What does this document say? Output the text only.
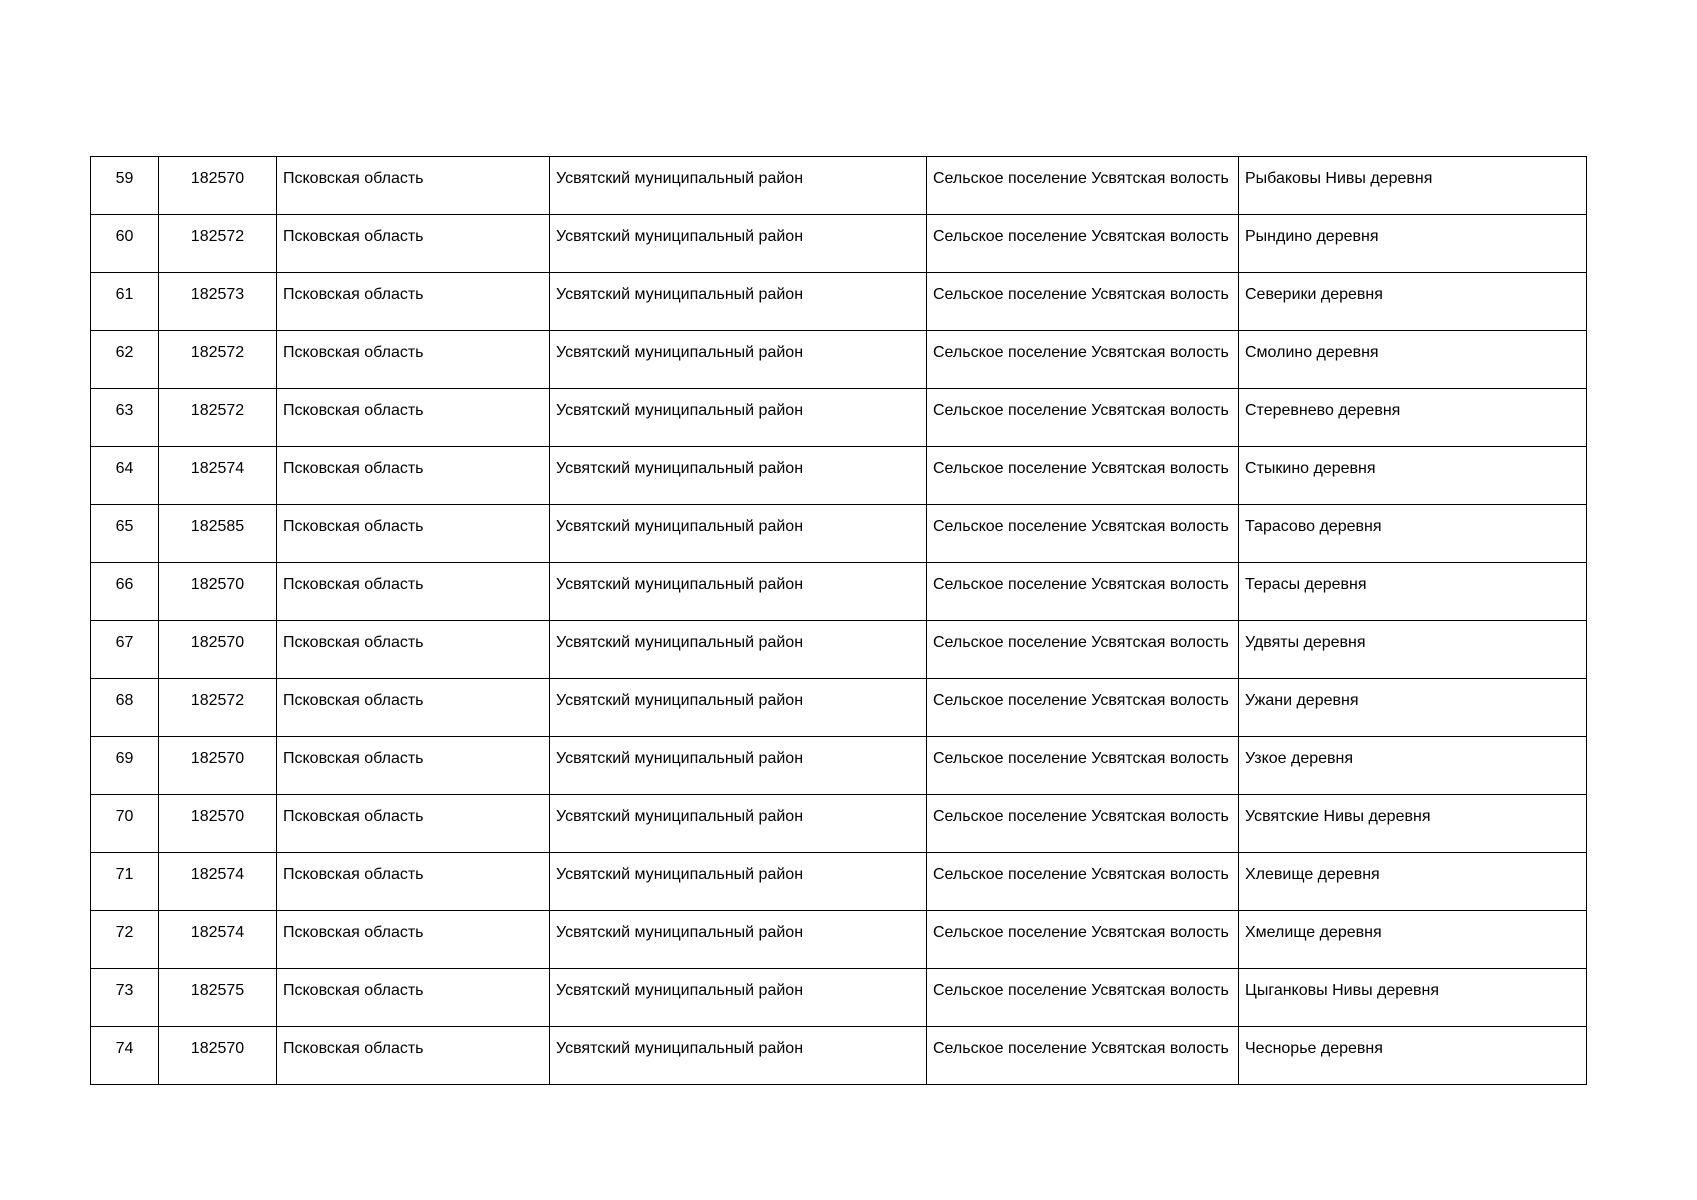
59	182570	Псковская область	Усвятский муниципальный район	Сельское поселение Усвятская волость	Рыбаковы Нивы деревня
60	182572	Псковская область	Усвятский муниципальный район	Сельское поселение Усвятская волость	Рындино деревня
61	182573	Псковская область	Усвятский муниципальный район	Сельское поселение Усвятская волость	Северики деревня
62	182572	Псковская область	Усвятский муниципальный район	Сельское поселение Усвятская волость	Смолино деревня
63	182572	Псковская область	Усвятский муниципальный район	Сельское поселение Усвятская волость	Стеревнево деревня
64	182574	Псковская область	Усвятский муниципальный район	Сельское поселение Усвятская волость	Стыкино деревня
65	182585	Псковская область	Усвятский муниципальный район	Сельское поселение Усвятская волость	Тарасово деревня
66	182570	Псковская область	Усвятский муниципальный район	Сельское поселение Усвятская волость	Терасы деревня
67	182570	Псковская область	Усвятский муниципальный район	Сельское поселение Усвятская волость	Удвяты деревня
68	182572	Псковская область	Усвятский муниципальный район	Сельское поселение Усвятская волость	Ужани деревня
69	182570	Псковская область	Усвятский муниципальный район	Сельское поселение Усвятская волость	Узкое деревня
70	182570	Псковская область	Усвятский муниципальный район	Сельское поселение Усвятская волость	Усвятские Нивы деревня
71	182574	Псковская область	Усвятский муниципальный район	Сельское поселение Усвятская волость	Хлевище деревня
72	182574	Псковская область	Усвятский муниципальный район	Сельское поселение Усвятская волость	Хмелище деревня
73	182575	Псковская область	Усвятский муниципальный район	Сельское поселение Усвятская волость	Цыганковы Нивы деревня
74	182570	Псковская область	Усвятский муниципальный район	Сельское поселение Усвятская волость	Чеснорье деревня
